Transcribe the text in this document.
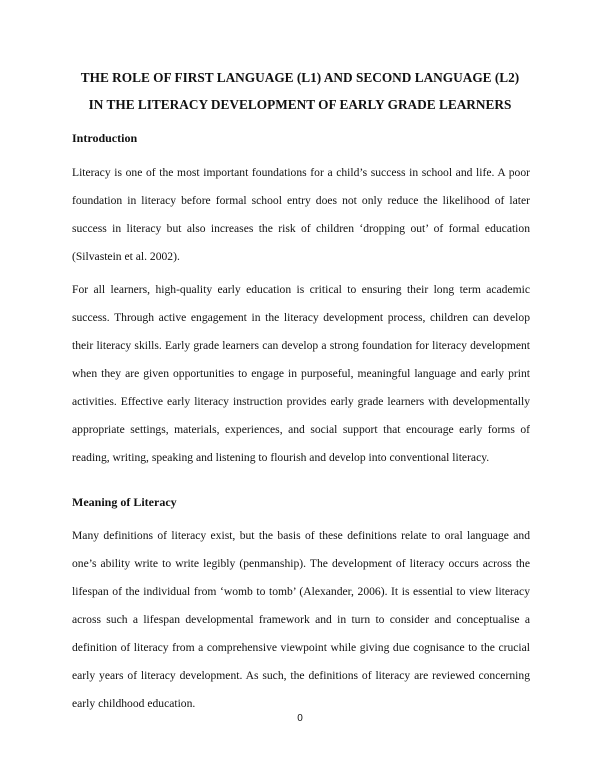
THE ROLE OF FIRST LANGUAGE (L1) AND SECOND LANGUAGE (L2)
IN THE LITERACY DEVELOPMENT OF EARLY GRADE LEARNERS
Introduction
Literacy is one of the most important foundations for a child’s success in school and life. A poor
foundation in literacy before formal school entry does not only reduce the likelihood of later
success in literacy but also increases the risk of children ‘dropping out’ of formal education
(Silvastein et al. 2002).
For all learners, high-quality early education is critical to ensuring their long term academic
success. Through active engagement in the literacy development process, children can develop
their literacy skills. Early grade learners can develop a strong foundation for literacy development
when they are given opportunities to engage in purposeful, meaningful language and early print
activities. Effective early literacy instruction provides early grade learners with developmentally
appropriate settings, materials, experiences, and social support that encourage early forms of
reading, writing, speaking and listening to flourish and develop into conventional literacy.
Meaning of Literacy
Many definitions of literacy exist, but the basis of these definitions relate to oral language and
one’s ability write to write legibly (penmanship). The development of literacy occurs across the
lifespan of the individual from ‘womb to tomb’ (Alexander, 2006). It is essential to view literacy
across such a lifespan developmental framework and in turn to consider and conceptualise a
definition of literacy from a comprehensive viewpoint while giving due cognisance to the crucial
early years of literacy development. As such, the definitions of literacy are reviewed concerning
early childhood education.

0
